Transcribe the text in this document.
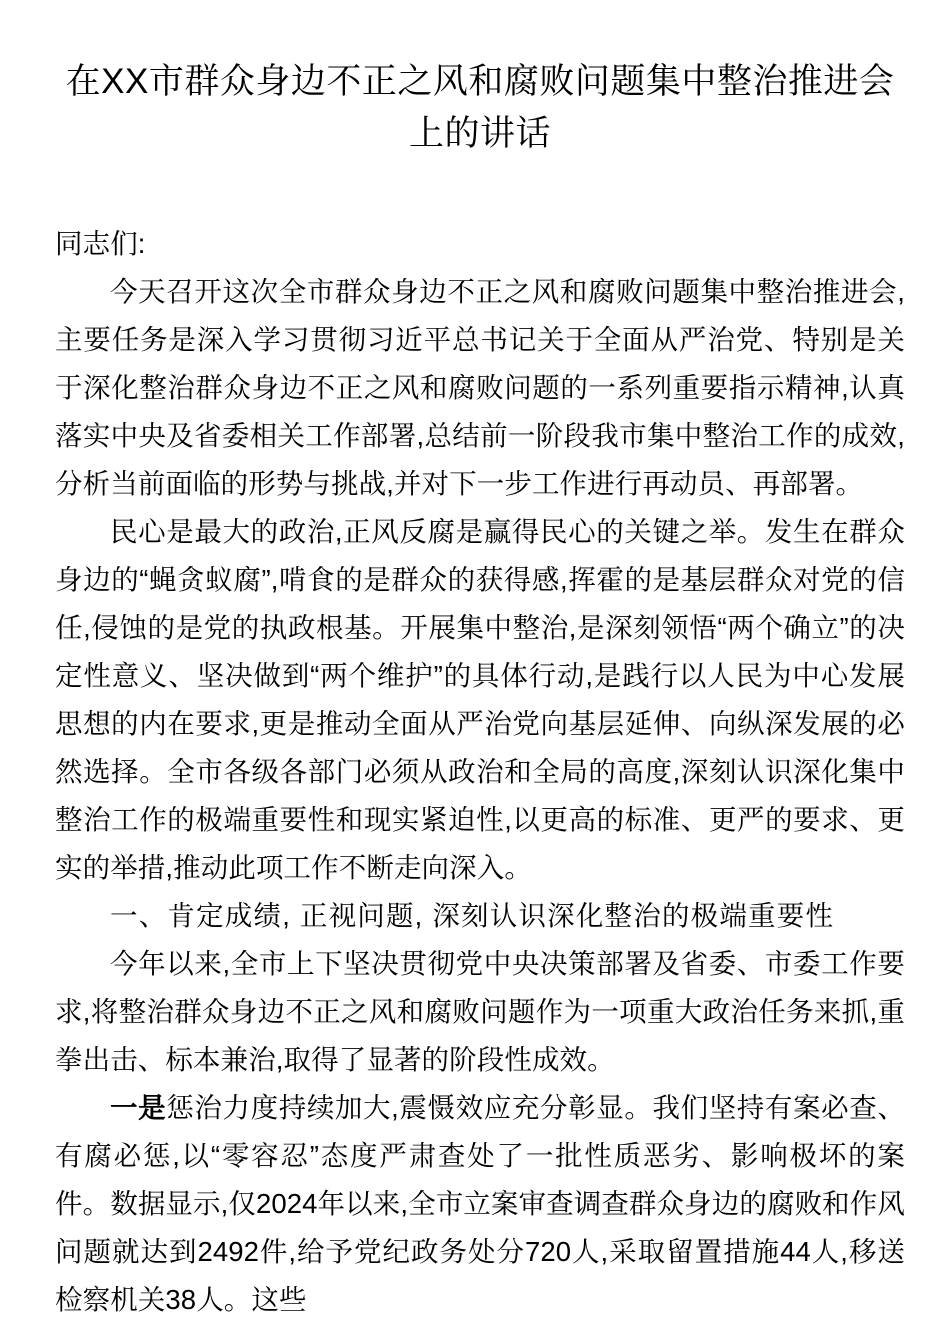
在XX市群众身边不正之风和腐败问题集中整治推进会上的讲话
同志们:

今天召开这次全市群众身边不正之风和腐败问题集中整治推进会,主要任务是深入学习贯彻习近平总书记关于全面从严治党、特别是关于深化整治群众身边不正之风和腐败问题的一系列重要指示精神,认真落实中央及省委相关工作部署,总结前一阶段我市集中整治工作的成效,分析当前面临的形势与挑战,并对下一步工作进行再动员、再部署。

民心是最大的政治,正风反腐是赢得民心的关键之举。发生在群众身边的“蝇贪蚁腐”,啃食的是群众的获得感,挥霍的是基层群众对党的信任,侵蚀的是党的执政根基。开展集中整治,是深刻领悟“两个确立”的决定性意义、坚决做到“两个维护”的具体行动,是践行以人民为中心发展思想的内在要求,更是推动全面从严治党向基层延伸、向纵深发展的必然选择。全市各级各部门必须从政治和全局的高度,深刻认识深化集中整治工作的极端重要性和现实紧迫性,以更高的标准、更严的要求、更实的举措,推动此项工作不断走向深入。

一、肯定成绩, 正视问题, 深刻认识深化整治的极端重要性

今年以来,全市上下坚决贯彻党中央决策部署及省委、市委工作要求,将整治群众身边不正之风和腐败问题作为一项重大政治任务来抓,重拳出击、标本兼治,取得了显著的阶段性成效。

一是惩治力度持续加大,震慑效应充分彰显。我们坚持有案必查、有腐必惩,以“零容忍”态度严肃查处了一批性质恶劣、影响极坏的案件。数据显示,仅2024年以来,全市立案审查调查群众身边的腐败和作风问题就达到2492件,给予党纪政务处分720人,采取留置措施44人,移送检察机关38人。这些
